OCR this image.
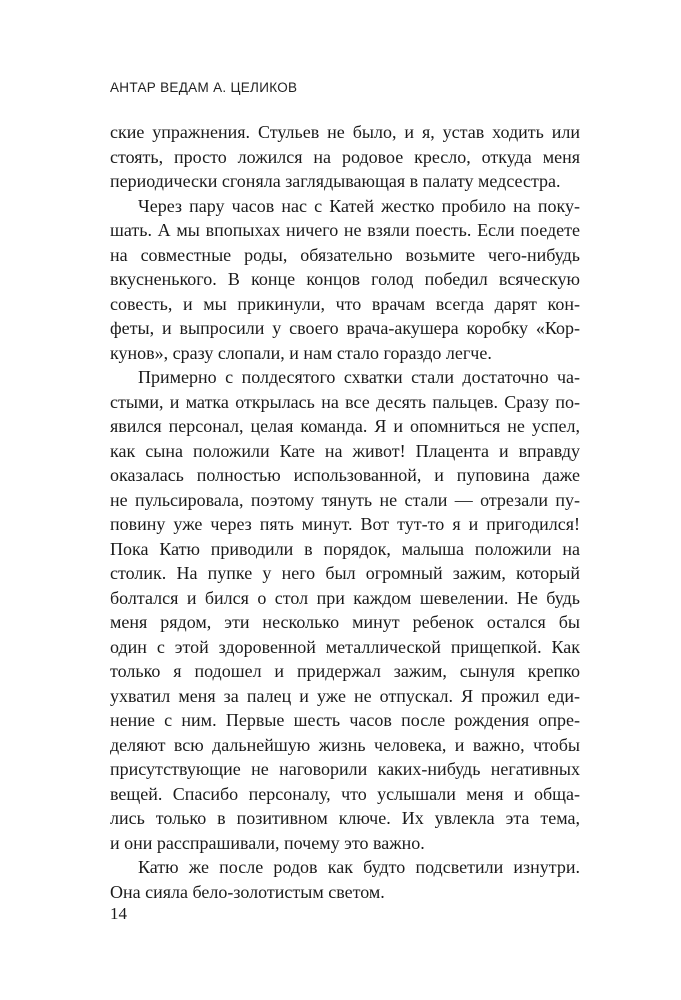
АНТАР ВЕДАМ А. ЦЕЛИКОВ
ские упражнения. Стульев не было, и я, устав ходить или
стоять, просто ложился на родовое кресло, откуда меня
периодически сгоняла заглядывающая в палату медсестра.
Через пару часов нас с Катей жестко пробило на поку-
шать. А мы впопыхах ничего не взяли поесть. Если поедете
на совместные роды, обязательно возьмите чего-нибудь
вкусненького. В конце концов голод победил всяческую
совесть, и мы прикинули, что врачам всегда дарят кон-
феты, и выпросили у своего врача-акушера коробку «Кор-
кунов», сразу слопали, и нам стало гораздо легче.
Примерно с полдесятого схватки стали достаточно ча-
стыми, и матка открылась на все десять пальцев. Сразу по-
явился персонал, целая команда. Я и опомниться не успел,
как сына положили Кате на живот! Плацента и вправду
оказалась полностью использованной, и пуповина даже
не пульсировала, поэтому тянуть не стали — отрезали пу-
повину уже через пять минут. Вот тут-то я и пригодился!
Пока Катю приводили в порядок, малыша положили на
столик. На пупке у него был огромный зажим, который
болтался и бился о стол при каждом шевелении. Не будь
меня рядом, эти несколько минут ребенок остался бы
один с этой здоровенной металлической прищепкой. Как
только я подошел и придержал зажим, сынуля крепко
ухватил меня за палец и уже не отпускал. Я прожил еди-
нение с ним. Первые шесть часов после рождения опре-
деляют всю дальнейшую жизнь человека, и важно, чтобы
присутствующие не наговорили каких-нибудь негативных
вещей. Спасибо персоналу, что услышали меня и обща-
лись только в позитивном ключе. Их увлекла эта тема,
и они расспрашивали, почему это важно.
Катю же после родов как будто подсветили изнутри.
Она сияла бело-золотистым светом.
14
